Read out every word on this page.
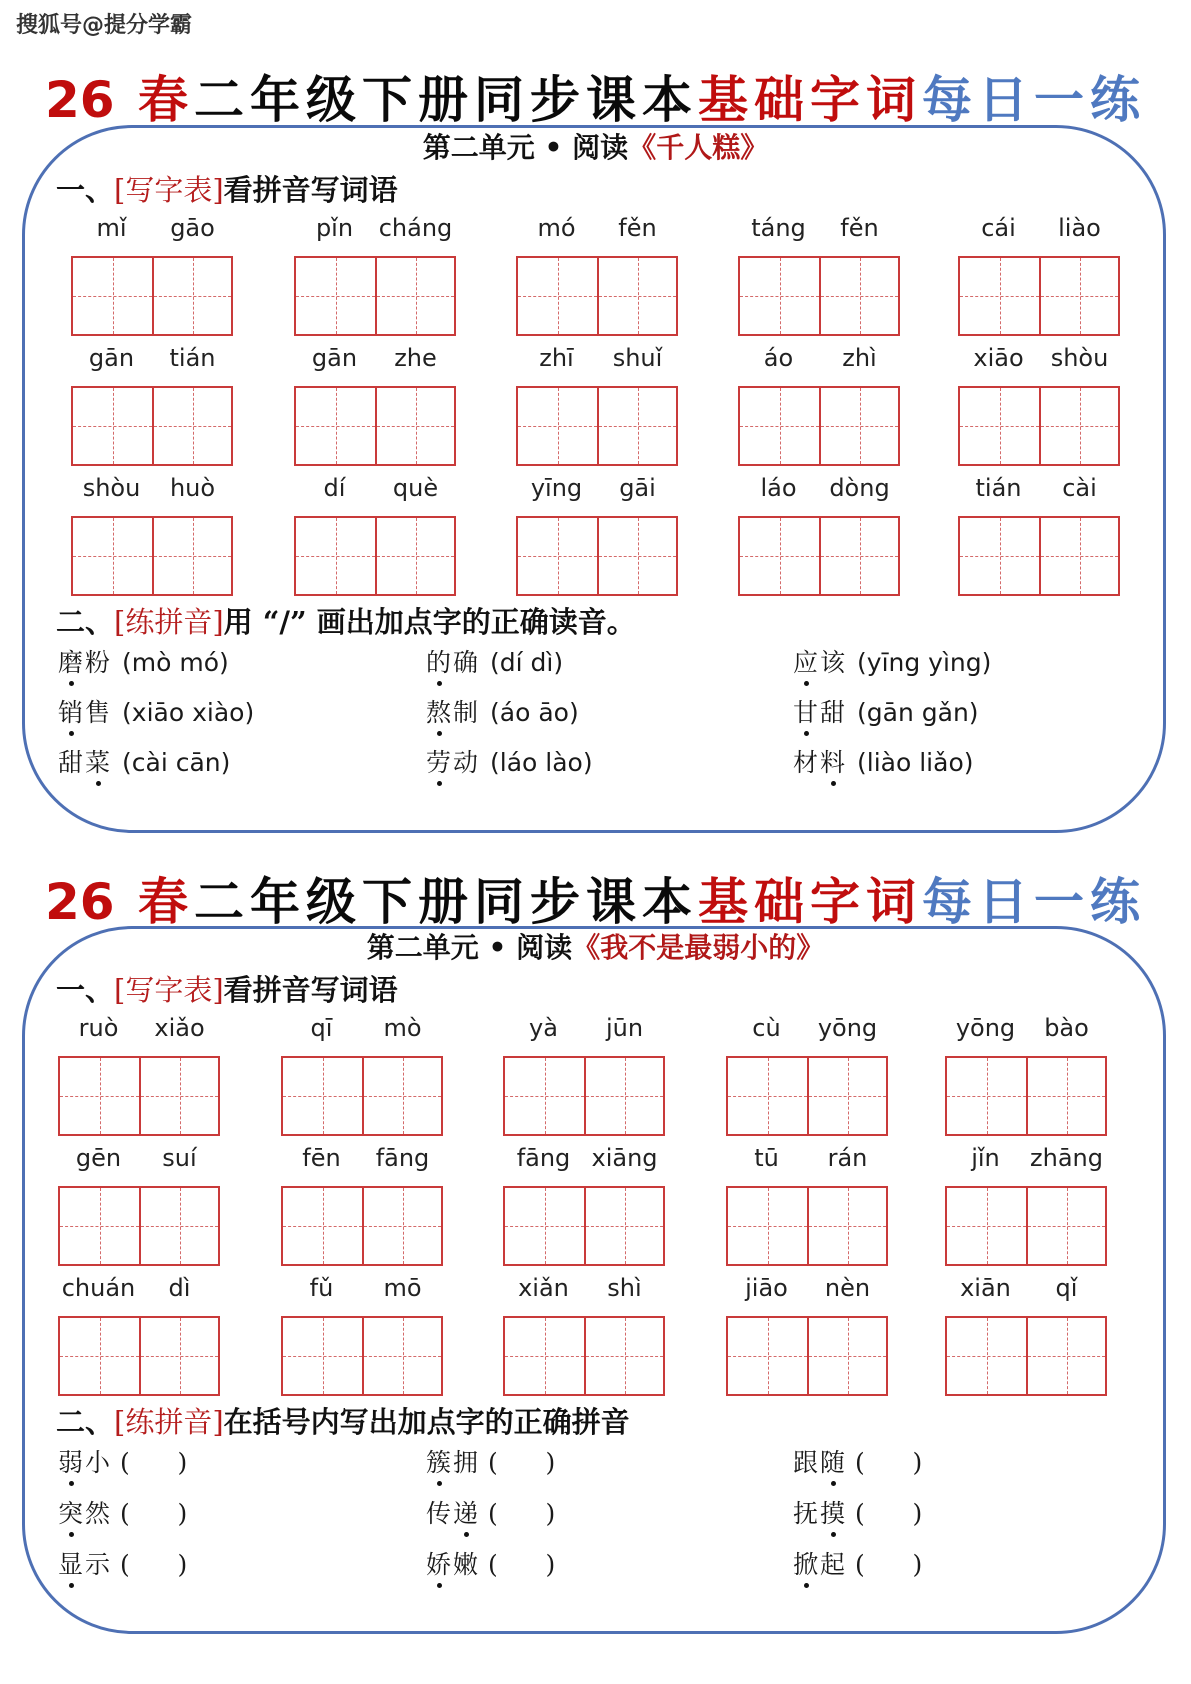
搜狐号@提分学霸
26 春二年级下册同步课本基础字词每日一练
第二单元 • 阅读《千人糕》
一、[写字表]看拼音写词语
mǐ	gāo	pǐn	cháng	mó	fěn	táng	fěn	cái	liào
gān	tián	gān	zhe	zhī	shuǐ	áo	zhì	xiāo	shòu
shòu	huò	dí	què	yīng	gāi	láo	dòng	tián	cài
二、[练拼音]用 “/” 画出加点字的正确读音。
磨粉 (mò mó)	的确 (dí dì)	应该 (yīng yìng)
销售 (xiāo xiào)	熬制 (áo āo)	甘甜 (gān gǎn)
甜菜 (cài cān)	劳动 (láo lào)	材料 (liào liǎo)
26 春二年级下册同步课本基础字词每日一练
第二单元 • 阅读《我不是最弱小的》
一、[写字表]看拼音写词语
ruò	xiǎo	qī	mò	yà	jūn	cù	yōng	yōng	bào
gēn	suí	fēn	fāng	fāng xiāng	tū	rán	jǐn	zhāng
chuán	dì	fǔ	mō	xiǎn	shì	jiāo	nèn	xiān	qǐ
二、[练拼音]在括号内写出加点字的正确拼音
弱小 (      )	簇拥 (      )	跟随 (      )
突然 (      )	传递 (      )	抚摸 (      )
显示 (      )	娇嫩 (      )	掀起 (      )
